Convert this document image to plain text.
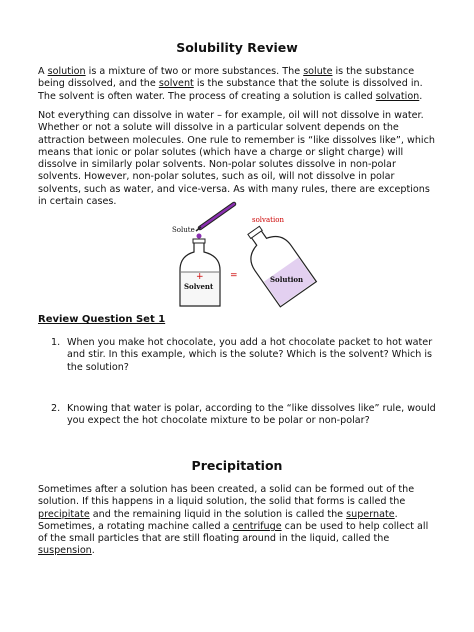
Solubility Review
A solution is a mixture of two or more substances. The solute is the substance being dissolved, and the solvent is the substance that the solute is dissolved in. The solvent is often water. The process of creating a solution is called solvation.
Not everything can dissolve in water – for example, oil will not dissolve in water. Whether or not a solute will dissolve in a particular solvent depends on the attraction between molecules. One rule to remember is “like dissolves like”, which means that ionic or polar solutes (which have a charge or slight charge) will dissolve in similarly polar solvents. Non-polar solutes dissolve in non-polar solvents. However, non-polar solutes, such as oil, will not dissolve in polar solvents, such as water, and vice-versa. As with many rules, there are exceptions in certain cases.
Solute
solvation
+
Solvent
=	Solution
Review Question Set 1
1. When you make hot chocolate, you add a hot chocolate packet to hot water and stir. In this example, which is the solute? Which is the solvent? Which is the solution?
2. Knowing that water is polar, according to the “like dissolves like” rule, would you expect the hot chocolate mixture to be polar or non-polar?
Precipitation
Sometimes after a solution has been created, a solid can be formed out of the solution. If this happens in a liquid solution, the solid that forms is called the precipitate and the remaining liquid in the solution is called the supernate. Sometimes, a rotating machine called a centrifuge can be used to help collect all of the small particles that are still floating around in the liquid, called the suspension.
